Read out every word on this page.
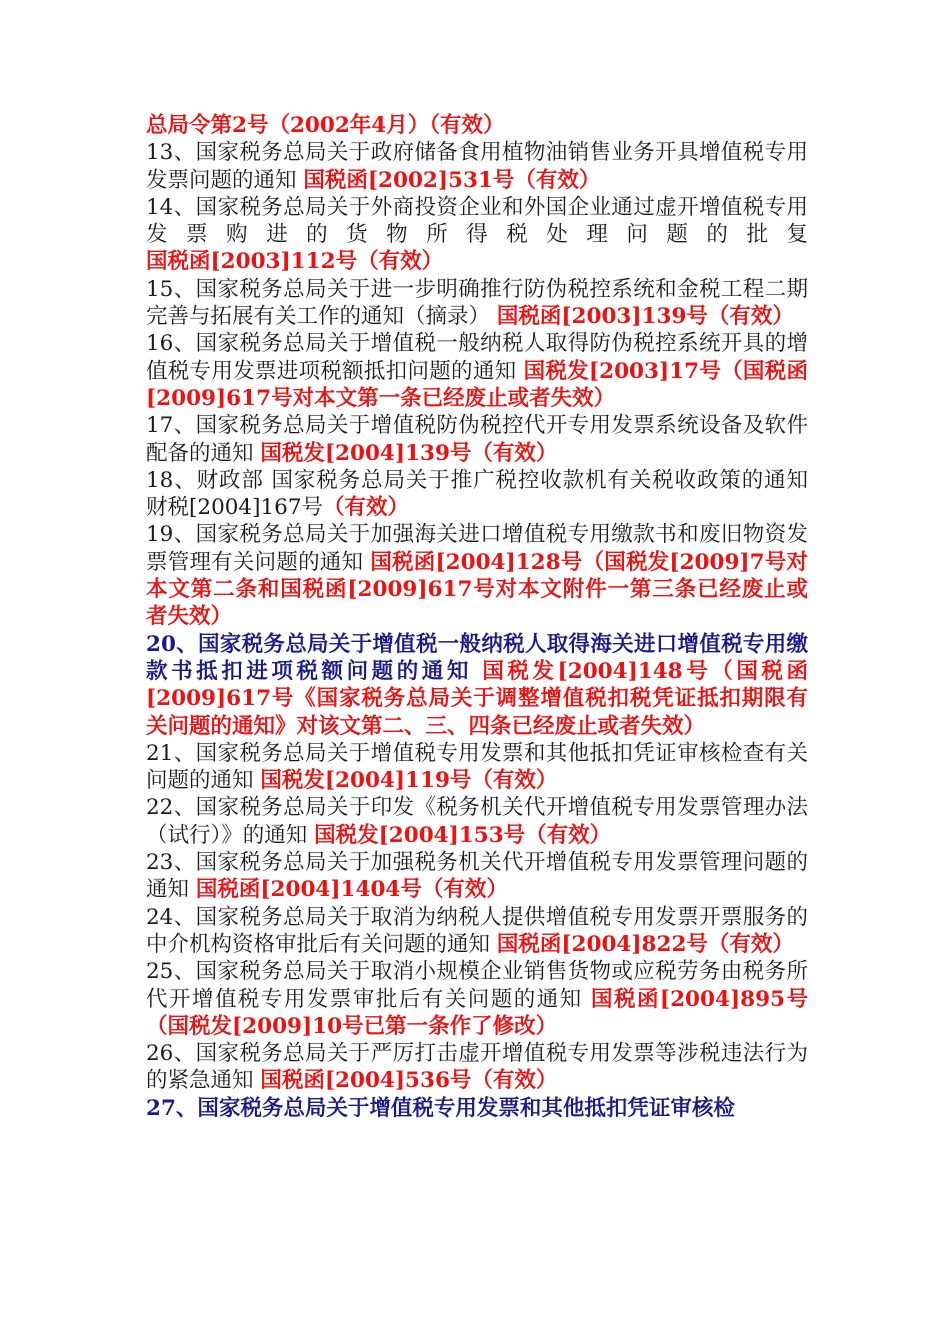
总局令第2号（2002年4月）（有效）

13、国家税务总局关于政府储备食用植物油销售业务开具增值税专用发票问题的通知 国税函[2002]531号（有效）

14、国家税务总局关于外商投资企业和外国企业通过虚开增值税专用发票购进的货物所得税处理问题的批复 国税函[2003]112号（有效）

15、国家税务总局关于进一步明确推行防伪税控系统和金税工程二期完善与拓展有关工作的通知（摘录） 国税函[2003]139号（有效）

16、国家税务总局关于增值税一般纳税人取得防伪税控系统开具的增值税专用发票进项税额抵扣问题的通知 国税发[2003]17号（国税函[2009]617号对本文第一条已经废止或者失效）

17、国家税务总局关于增值税防伪税控代开专用发票系统设备及软件配备的通知 国税发[2004]139号（有效）

18、财政部 国家税务总局关于推广税控收款机有关税收政策的通知 财税[2004]167号（有效）

19、国家税务总局关于加强海关进口增值税专用缴款书和废旧物资发票管理有关问题的通知 国税函[2004]128号（国税发[2009]7号对本文第二条和国税函[2009]617号对本文附件一第三条已经废止或者失效）

20、国家税务总局关于增值税一般纳税人取得海关进口增值税专用缴款书抵扣进项税额问题的通知 国税发[2004]148号（国税函[2009]617号《国家税务总局关于调整增值税扣税凭证抵扣期限有关问题的通知》对该文第二、三、四条已经废止或者失效）

21、国家税务总局关于增值税专用发票和其他抵扣凭证审核检查有关问题的通知 国税发[2004]119号（有效）

22、国家税务总局关于印发《税务机关代开增值税专用发票管理办法（试行）》的通知 国税发[2004]153号（有效）

23、国家税务总局关于加强税务机关代开增值税专用发票管理问题的通知 国税函[2004]1404号（有效）

24、国家税务总局关于取消为纳税人提供增值税专用发票开票服务的中介机构资格审批后有关问题的通知 国税函[2004]822号（有效）

25、国家税务总局关于取消小规模企业销售货物或应税劳务由税务所代开增值税专用发票审批后有关问题的通知 国税函[2004]895号（国税发[2009]10号已第一条作了修改）

26、国家税务总局关于严厉打击虚开增值税专用发票等涉税违法行为的紧急通知 国税函[2004]536号（有效）

27、国家税务总局关于增值税专用发票和其他抵扣凭证审核检
